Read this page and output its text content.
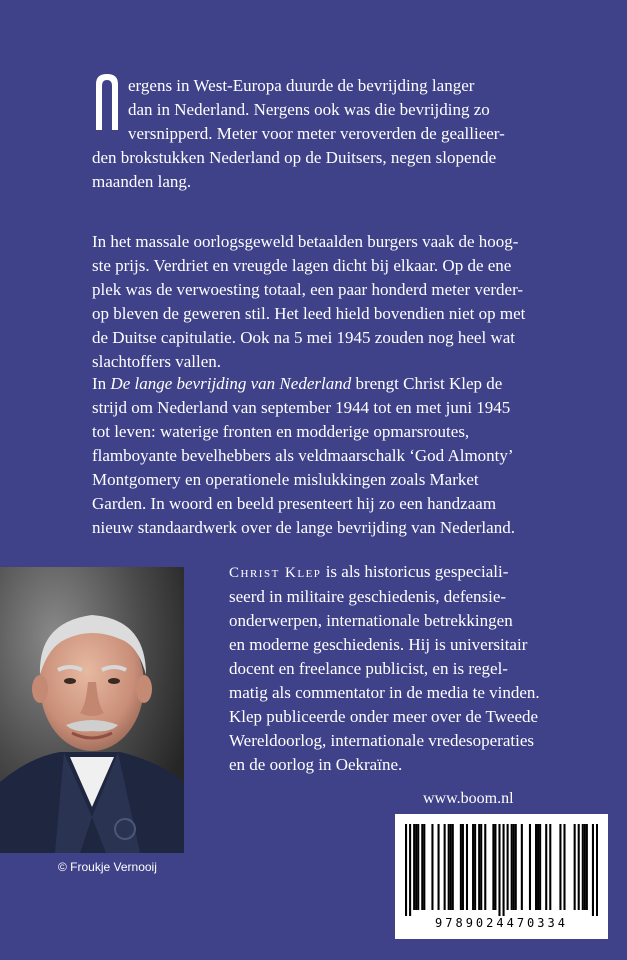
ergens in West-Europa duurde de bevrijding langer
dan in Nederland. Nergens ook was die bevrijding zo
versnipperd. Meter voor meter veroverden de geallieer-
den brokstukken Nederland op de Duitsers, negen slopende
maanden lang.
In het massale oorlogsgeweld betaalden burgers vaak de hoog-
ste prijs. Verdriet en vreugde lagen dicht bij elkaar. Op de ene
plek was de verwoesting totaal, een paar honderd meter verder-
op bleven de geweren stil. Het leed hield bovendien niet op met
de Duitse capitulatie. Ook na 5 mei 1945 zouden nog heel wat
slachtoffers vallen.
In De lange bevrijding van Nederland brengt Christ Klep de
strijd om Nederland van september 1944 tot en met juni 1945
tot leven: waterige fronten en modderige opmarsroutes,
flamboyante bevelhebbers als veldmaarschalk ‘God Almonty’
Montgomery en operationele mislukkingen zoals Market
Garden. In woord en beeld presenteert hij zo een handzaam
nieuw standaardwerk over de lange bevrijding van Nederland.
Christ Klep is als historicus gespeciali-
seerd in militaire geschiedenis, defensie-
onderwerpen, internationale betrekkingen
en moderne geschiedenis. Hij is universitair
docent en freelance publicist, en is regel-
matig als commentator in de media te vinden.
Klep publiceerde onder meer over de Tweede
Wereldoorlog, internationale vredesoperaties
en de oorlog in Oekraïne.
© Froukje Vernooij
www.boom.nl
9789024470334
